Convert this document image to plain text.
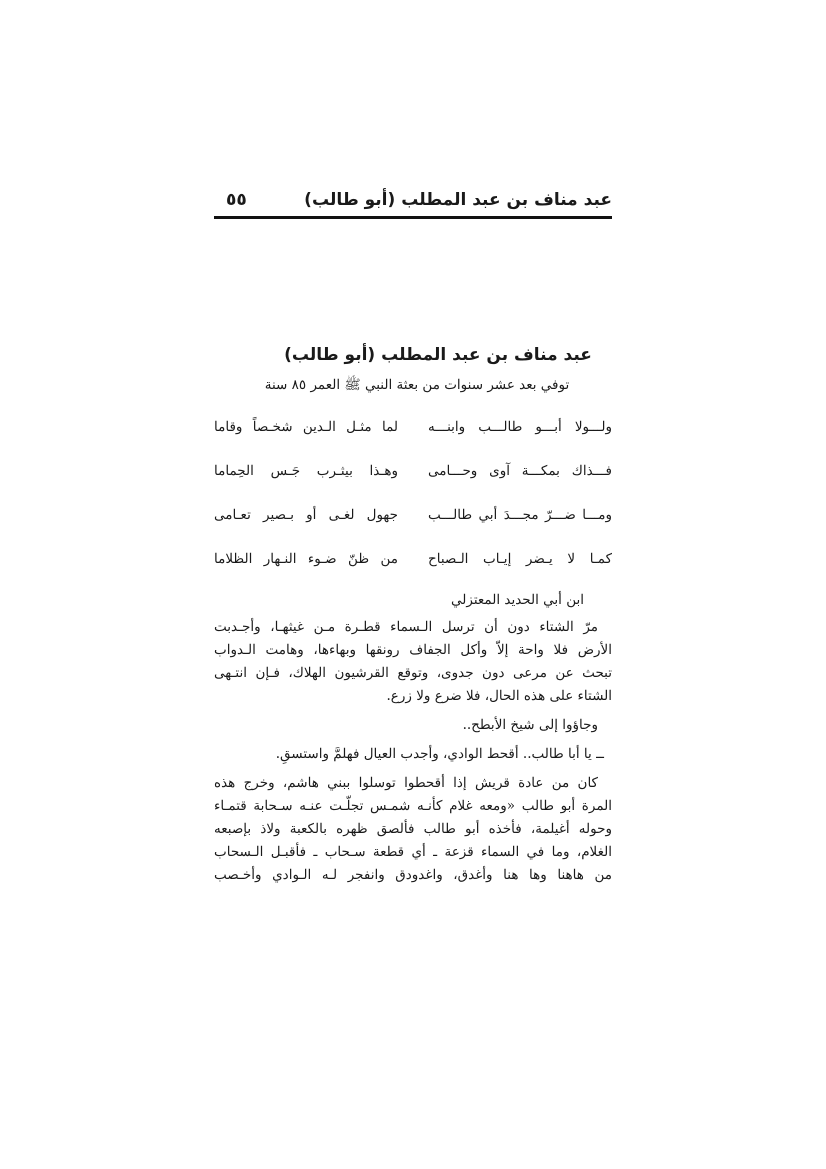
عبد مناف بن عبد المطلب (أبو طالب)
٥٥
عبد مناف بن عبد المطلب (أبو طالب)

توفي بعد عشر سنوات من بعثة النبي ﷺ العمر ٨٥ سنة

ولـــولا أبـــو طالـــب وابنـــه
لما مثـل الـدين شخـصاً وقاما
فـــذاك بمكـــة آوى وحـــامى
وهـذا بيثـرب جَـس الحِماما
ومـــا ضـــرّ مجـــدَ أبي طالـــب
جهول لغـى أو بـصير تعـامى
كمـا لا يـضر إيـاب الـصباح
من ظنّ ضـوء النـهار الظلاما

ابن أبي الحديد المعتزلي

مرّ الشتاء دون أن ترسل الـسماء قطـرة مـن غيثهـا، وأجـدبت
الأرض فلا واحة إلاّ وأكل الجفاف رونقها وبهاءها، وهامت الـدواب
تبحث عن مرعى دون جدوى، وتوقع القرشيون الهلاك، فـإن انتـهى
الشتاء على هذه الحال، فلا ضرع ولا زرع.
وجاؤوا إلى شيخ الأبطح..
ــ يا أبا طالب.. أقحط الوادي، وأجدب العيال فهلمَّ واستسقِ.
كان من عادة قريش إذا أقحطوا توسلوا ببني هاشم، وخرج هذه
المرة أبو طالب «ومعه غلام كأنـه شمـس تجلّـت عنـه سـحابة قتمـاء
وحوله أغيلمة، فأخذه أبو طالب فألصق ظهره بالكعبة ولاذ بإصبعه
الغلام، وما في السماء قزعة ـ أي قطعة سـحاب ـ فأقبـل الـسحاب
من هاهنا وها هنا وأغدق، واغدودق وانفجر لـه الـوادي وأخـصب
